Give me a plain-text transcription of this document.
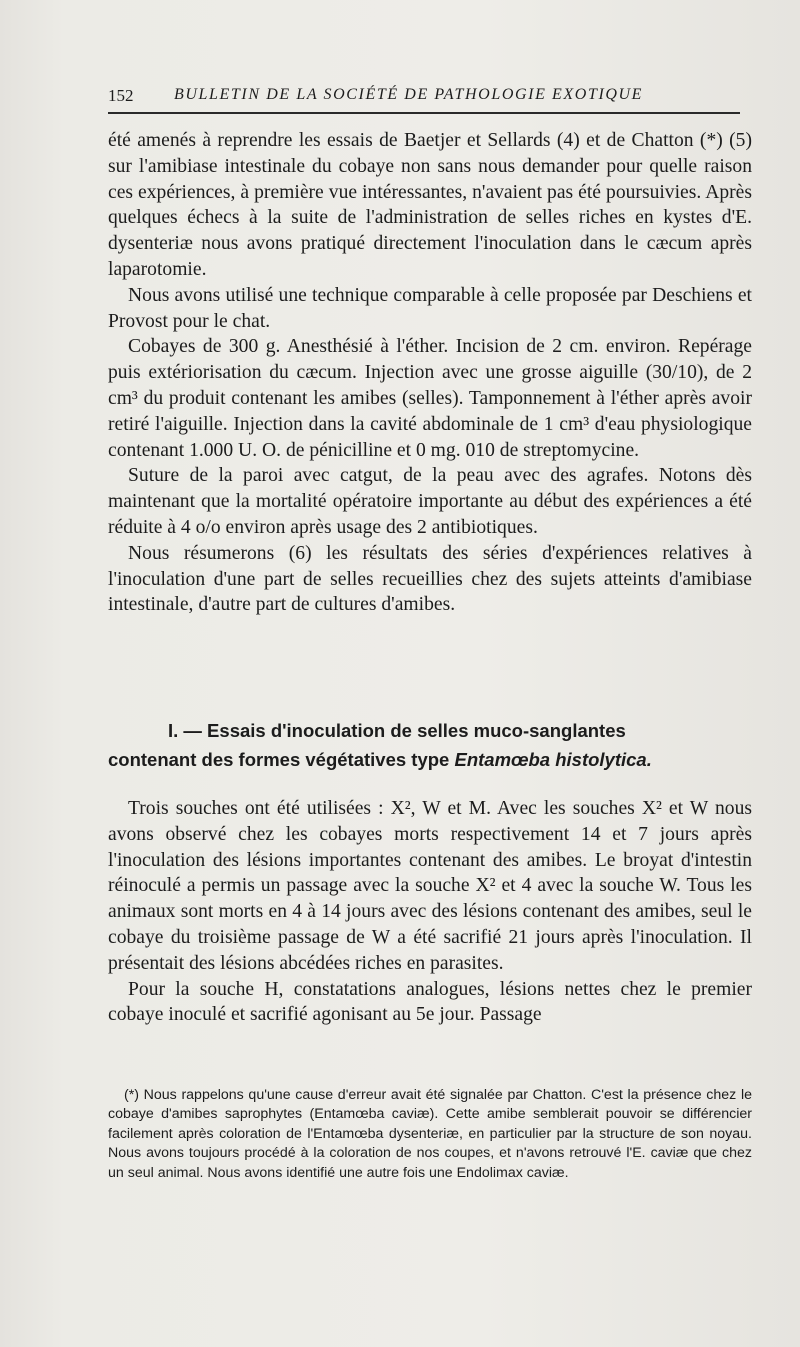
152	BULLETIN DE LA SOCIÉTÉ DE PATHOLOGIE EXOTIQUE

été amenés à reprendre les essais de Baetjer et Sellards (4) et de Chatton (*) (5) sur l'amibiase intestinale du cobaye non sans nous demander pour quelle raison ces expériences, à première vue intéressantes, n'avaient pas été poursuivies. Après quelques échecs à la suite de l'administration de selles riches en kystes d'E. dysenteriæ nous avons pratiqué directement l'inoculation dans le cæcum après laparotomie.

Nous avons utilisé une technique comparable à celle proposée par Deschiens et Provost pour le chat.

Cobayes de 300 g. Anesthésié à l'éther. Incision de 2 cm. environ. Repérage puis extériorisation du cæcum. Injection avec une grosse aiguille (30/10), de 2 cm³ du produit contenant les amibes (selles). Tamponnement à l'éther après avoir retiré l'aiguille. Injection dans la cavité abdominale de 1 cm³ d'eau physiologique contenant 1.000 U. O. de pénicilline et 0 mg. 010 de streptomycine.

Suture de la paroi avec catgut, de la peau avec des agrafes. Notons dès maintenant que la mortalité opératoire importante au début des expériences a été réduite à 4 o/o environ après usage des 2 antibiotiques.

Nous résumerons (6) les résultats des séries d'expériences relatives à l'inoculation d'une part de selles recueillies chez des sujets atteints d'amibiase intestinale, d'autre part de cultures d'amibes.

I. — Essais d'inoculation de selles muco-sanglantes
contenant des formes végétatives type Entamœba histolytica.

Trois souches ont été utilisées : X², W et M. Avec les souches X² et W nous avons observé chez les cobayes morts respectivement 14 et 7 jours après l'inoculation des lésions importantes contenant des amibes. Le broyat d'intestin réinoculé a permis un passage avec la souche X² et 4 avec la souche W. Tous les animaux sont morts en 4 à 14 jours avec des lésions contenant des amibes, seul le cobaye du troisième passage de W a été sacrifié 21 jours après l'inoculation. Il présentait des lésions abcédées riches en parasites.

Pour la souche H, constatations analogues, lésions nettes chez le premier cobaye inoculé et sacrifié agonisant au 5e jour. Passage

(*) Nous rappelons qu'une cause d'erreur avait été signalée par Chatton. C'est la présence chez le cobaye d'amibes saprophytes (Entamœba caviæ). Cette amibe semblerait pouvoir se différencier facilement après coloration de l'Entamœba dysenteriæ, en particulier par la structure de son noyau. Nous avons toujours procédé à la coloration de nos coupes, et n'avons retrouvé l'E. caviæ que chez un seul animal. Nous avons identifié une autre fois une Endolimax caviæ.
